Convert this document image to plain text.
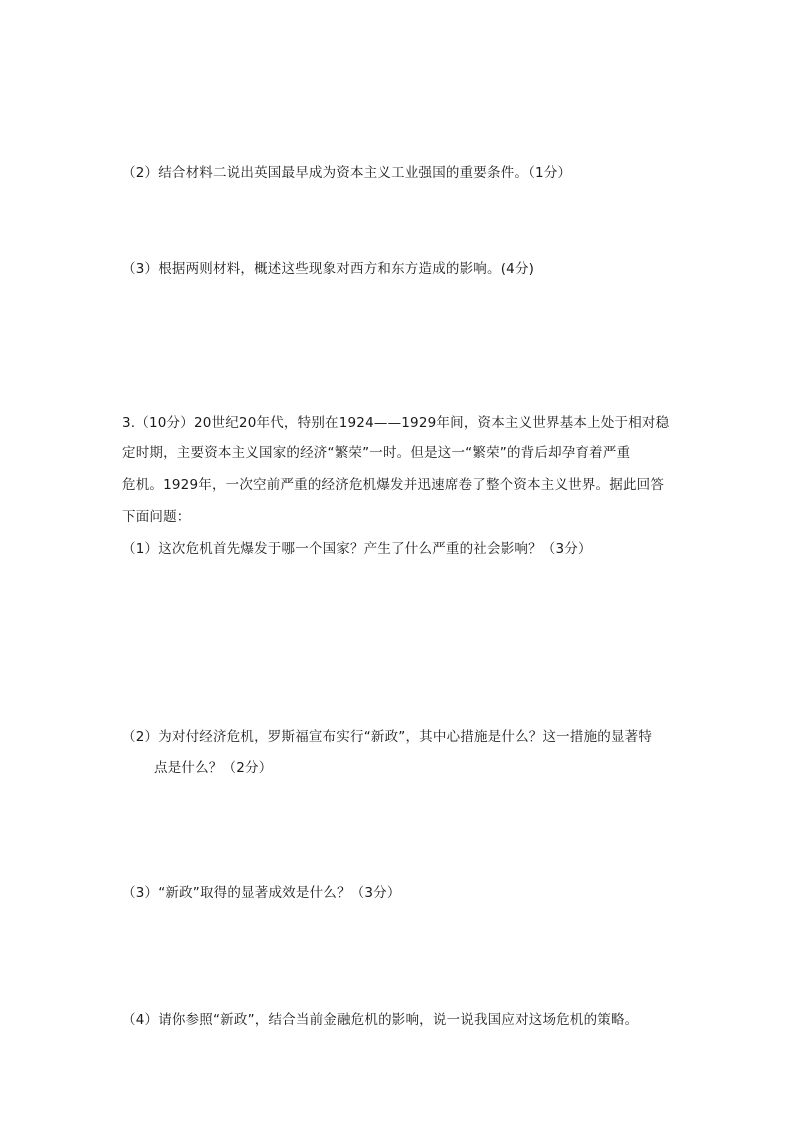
（2）结合材料二说出英国最早成为资本主义工业强国的重要条件。（1分）
（3）根据两则材料，概述这些现象对西方和东方造成的影响。(4分)
3.（10分）20世纪20年代，特别在1924——1929年间，资本主义世界基本上处于相对稳
定时期，主要资本主义国家的经济“繁荣”一时。但是这一“繁荣”的背后却孕育着严重
危机。1929年，一次空前严重的经济危机爆发并迅速席卷了整个资本主义世界。据此回答
下面问题：
（1）这次危机首先爆发于哪一个国家？产生了什么严重的社会影响？（3分）
（2）为对付经济危机，罗斯福宣布实行“新政”，其中心措施是什么？这一措施的显著特
点是什么？（2分）
（3）“新政”取得的显著成效是什么？（3分）
（4）请你参照“新政”，结合当前金融危机的影响，说一说我国应对这场危机的策略。
